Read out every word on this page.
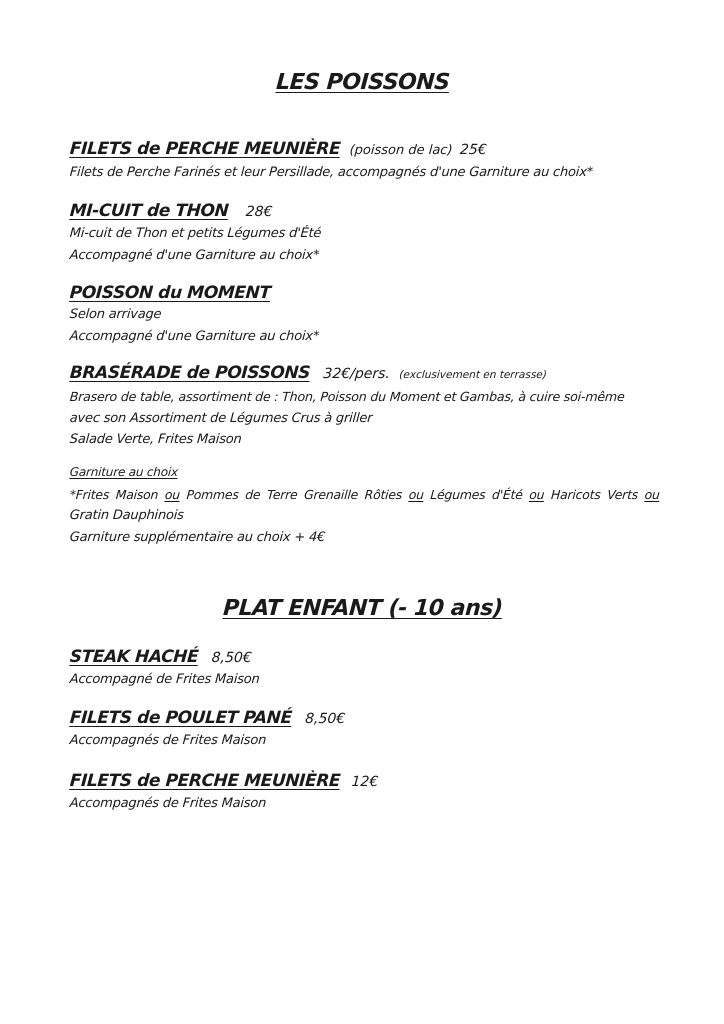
LES POISSONS
FILETS de PERCHE MEUNIÈRE (poisson de lac) 25€
Filets de Perche Farinés et leur Persillade, accompagnés d'une Garniture au choix*
MI-CUIT de THON 28€
Mi-cuit de Thon et petits Légumes d'Été
Accompagné d'une Garniture au choix*
POISSON du MOMENT
Selon arrivage
Accompagné d'une Garniture au choix*
BRASÉRADE de POISSONS 32€/pers. (exclusivement en terrasse)
Brasero de table, assortiment de : Thon, Poisson du Moment et Gambas, à cuire soi-même
avec son Assortiment de Légumes Crus à griller
Salade Verte, Frites Maison
Garniture au choix
*Frites Maison ou Pommes de Terre Grenaille Rôties ou Légumes d'Été ou Haricots Verts ou
Gratin Dauphinois
Garniture supplémentaire au choix + 4€
PLAT ENFANT (- 10 ans)
STEAK HACHÉ 8,50€
Accompagné de Frites Maison
FILETS de POULET PANÉ 8,50€
Accompagnés de Frites Maison
FILETS de PERCHE MEUNIÈRE 12€
Accompagnés de Frites Maison
